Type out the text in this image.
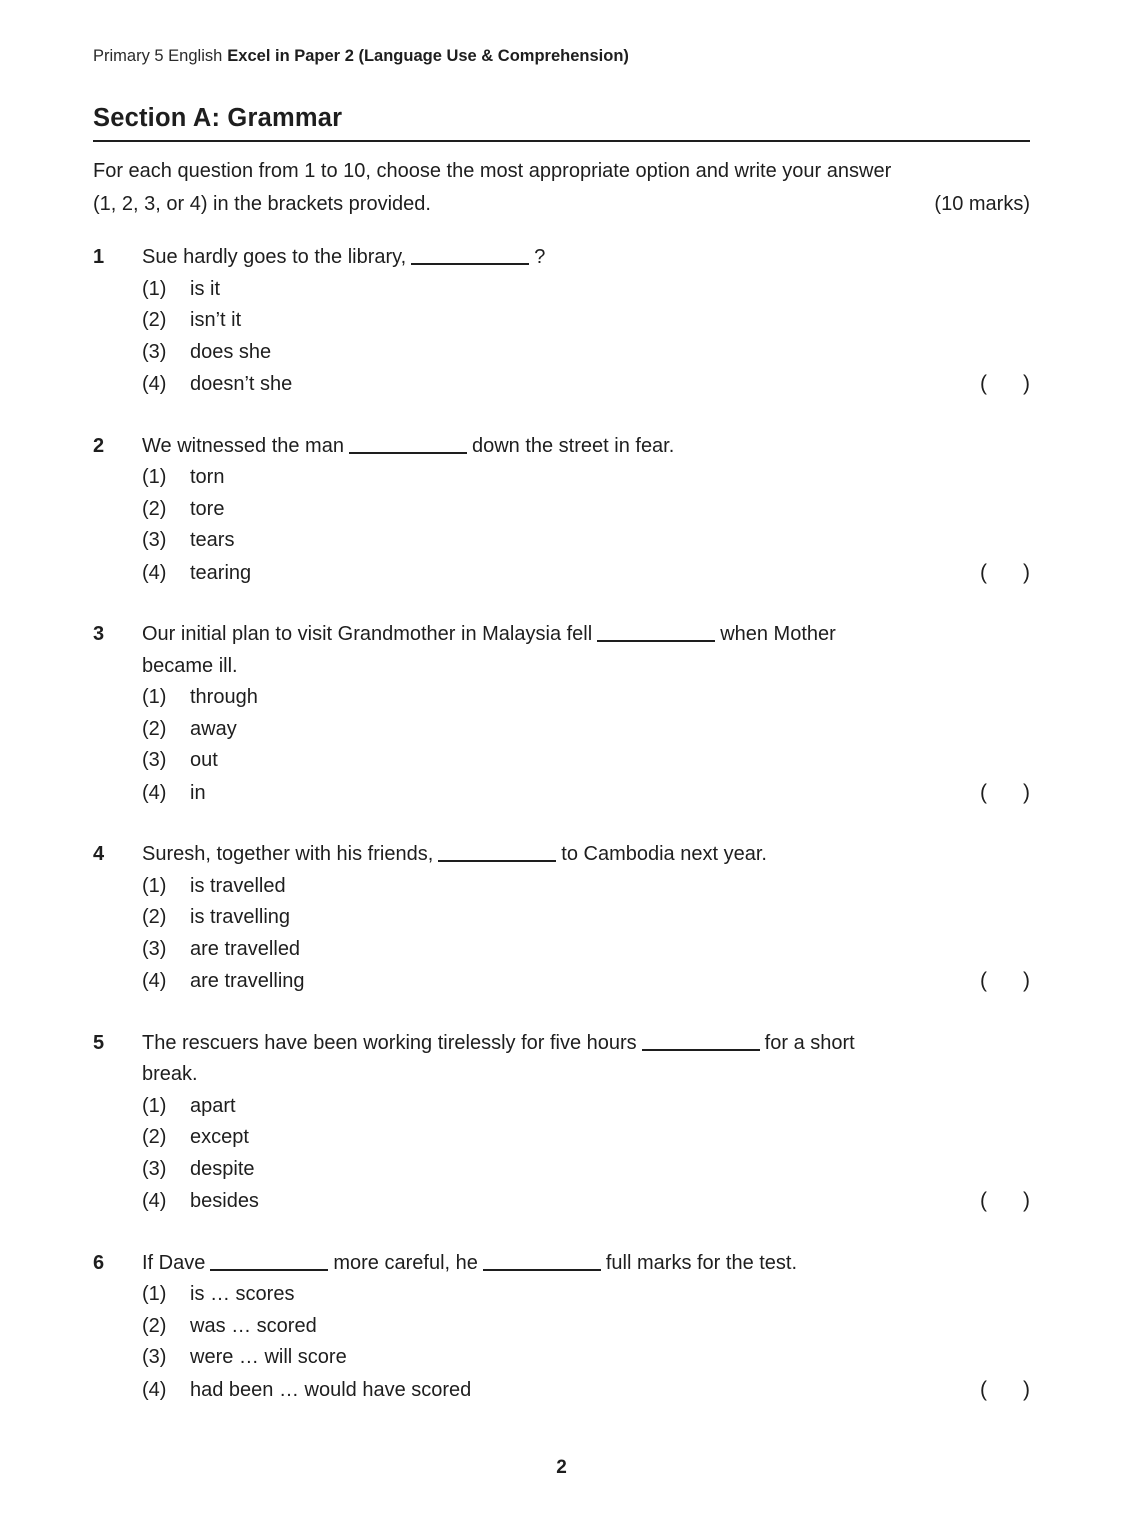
Primary 5 English Excel in Paper 2 (Language Use & Comprehension)
Section A: Grammar
For each question from 1 to 10, choose the most appropriate option and write your answer
(1, 2, 3, or 4) in the brackets provided.	(10 marks)
1	Sue hardly goes to the library,	?
(1)	is it
(2)	isn’t it
(3)	does she
(4)	doesn’t she	( )
2	We witnessed the man	down the street in fear.
(1)	torn
(2)	tore
(3)	tears
(4)	tearing	( )
3	Our initial plan to visit Grandmother in Malaysia fell	when Mother
became ill.
(1)	through
(2)	away
(3)	out
(4)	in	( )
4	Suresh, together with his friends,	to Cambodia next year.
(1)	is travelled
(2)	is travelling
(3)	are travelled
(4)	are travelling	( )
5	The rescuers have been working tirelessly for five hours	for a short
break.
(1)	apart
(2)	except
(3)	despite
(4)	besides	( )
6	If Dave	more careful, he	full marks for the test.
(1)	is … scores
(2)	was … scored
(3)	were … will score
(4)	had been … would have scored	( )
2
